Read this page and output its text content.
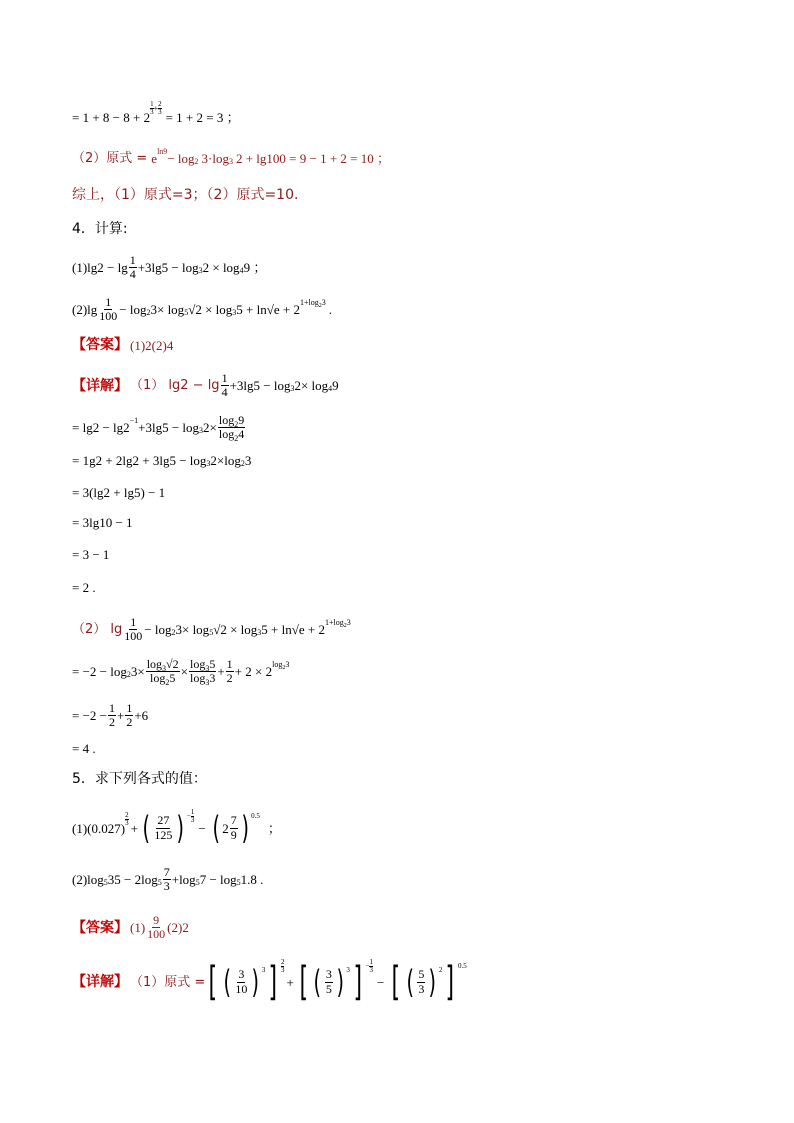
= 1 + 8 − 8 + 2
$\frac{1}{3} + \frac{2}{3}$
= 1 + 2 = 3 ；
（2）原式 = e ln9 − log 2 3·log 3 2 + lg100 = 9 − 1 + 2 = 10 ；
综上，（1）原式=3；（2）原式=10.
4．计算:
$(1)\lg 2 - \lg \frac{1}{4} +3\lg 5 - \log 3$ 2 × log 4 9 ；
$(2)\lg \frac{1}{100} - \log 2$ 3× log 5 √2 × log 3 5 + ln√e + 2 1+log 2 3 .
【答案】 (1)2(2)4
【详解】 （1） $\lg 2 - \lg \frac{1}{4} +3\lg 5 - \log 3$ 2× log 4 9
= lg2 − lg2 −1 +3lg5 − log 3 $2\times \frac{\log_29}{\log_24}$
= 1g2 + 2lg2 + 3lg5 − log 3 2×log 2 3
= 3(lg2 + lg5) − 1
= 3lg10 − 1
= 3 − 1
= 2 .
（2） $\lg \frac{1}{100} - \log 2$ 3× log 5 √2 × log 3 5 + ln√e + 2 1+log 2 3
= −2 − log 2 $3\times \frac{\log_3√2}{\log_25} \times \frac{\log_35}{\log_33} + \frac{1}{2} + 2 \times 2$ log 2 3
= $-2 - \frac{1}{2} + \frac{1}{2} +6$
= 4 .
5．求下列各式的值：
(1) (0.027)
$\frac{2}{3}$
+ ( $\frac{27}{125}$ ) − $\frac{1}{3}$
− ( $2 \frac{7}{9}$ ) 0.5
；
(2)log 5 35 − 2log $5 \frac{7}{3} +\log$ 5 7 − log 5 1.8 .
【答案】 $(1) \frac{9}{100} (2)2$
【详解】 （1）原式 = [ ( $\frac{3}{10}$ ) 3 ] $\frac{2}{3}$
+ [ ( $\frac{3}{5}$ ) 3 ] − $\frac{1}{3}$
− [ ( $\frac{5}{3}$ ) 2 ] 0.5
